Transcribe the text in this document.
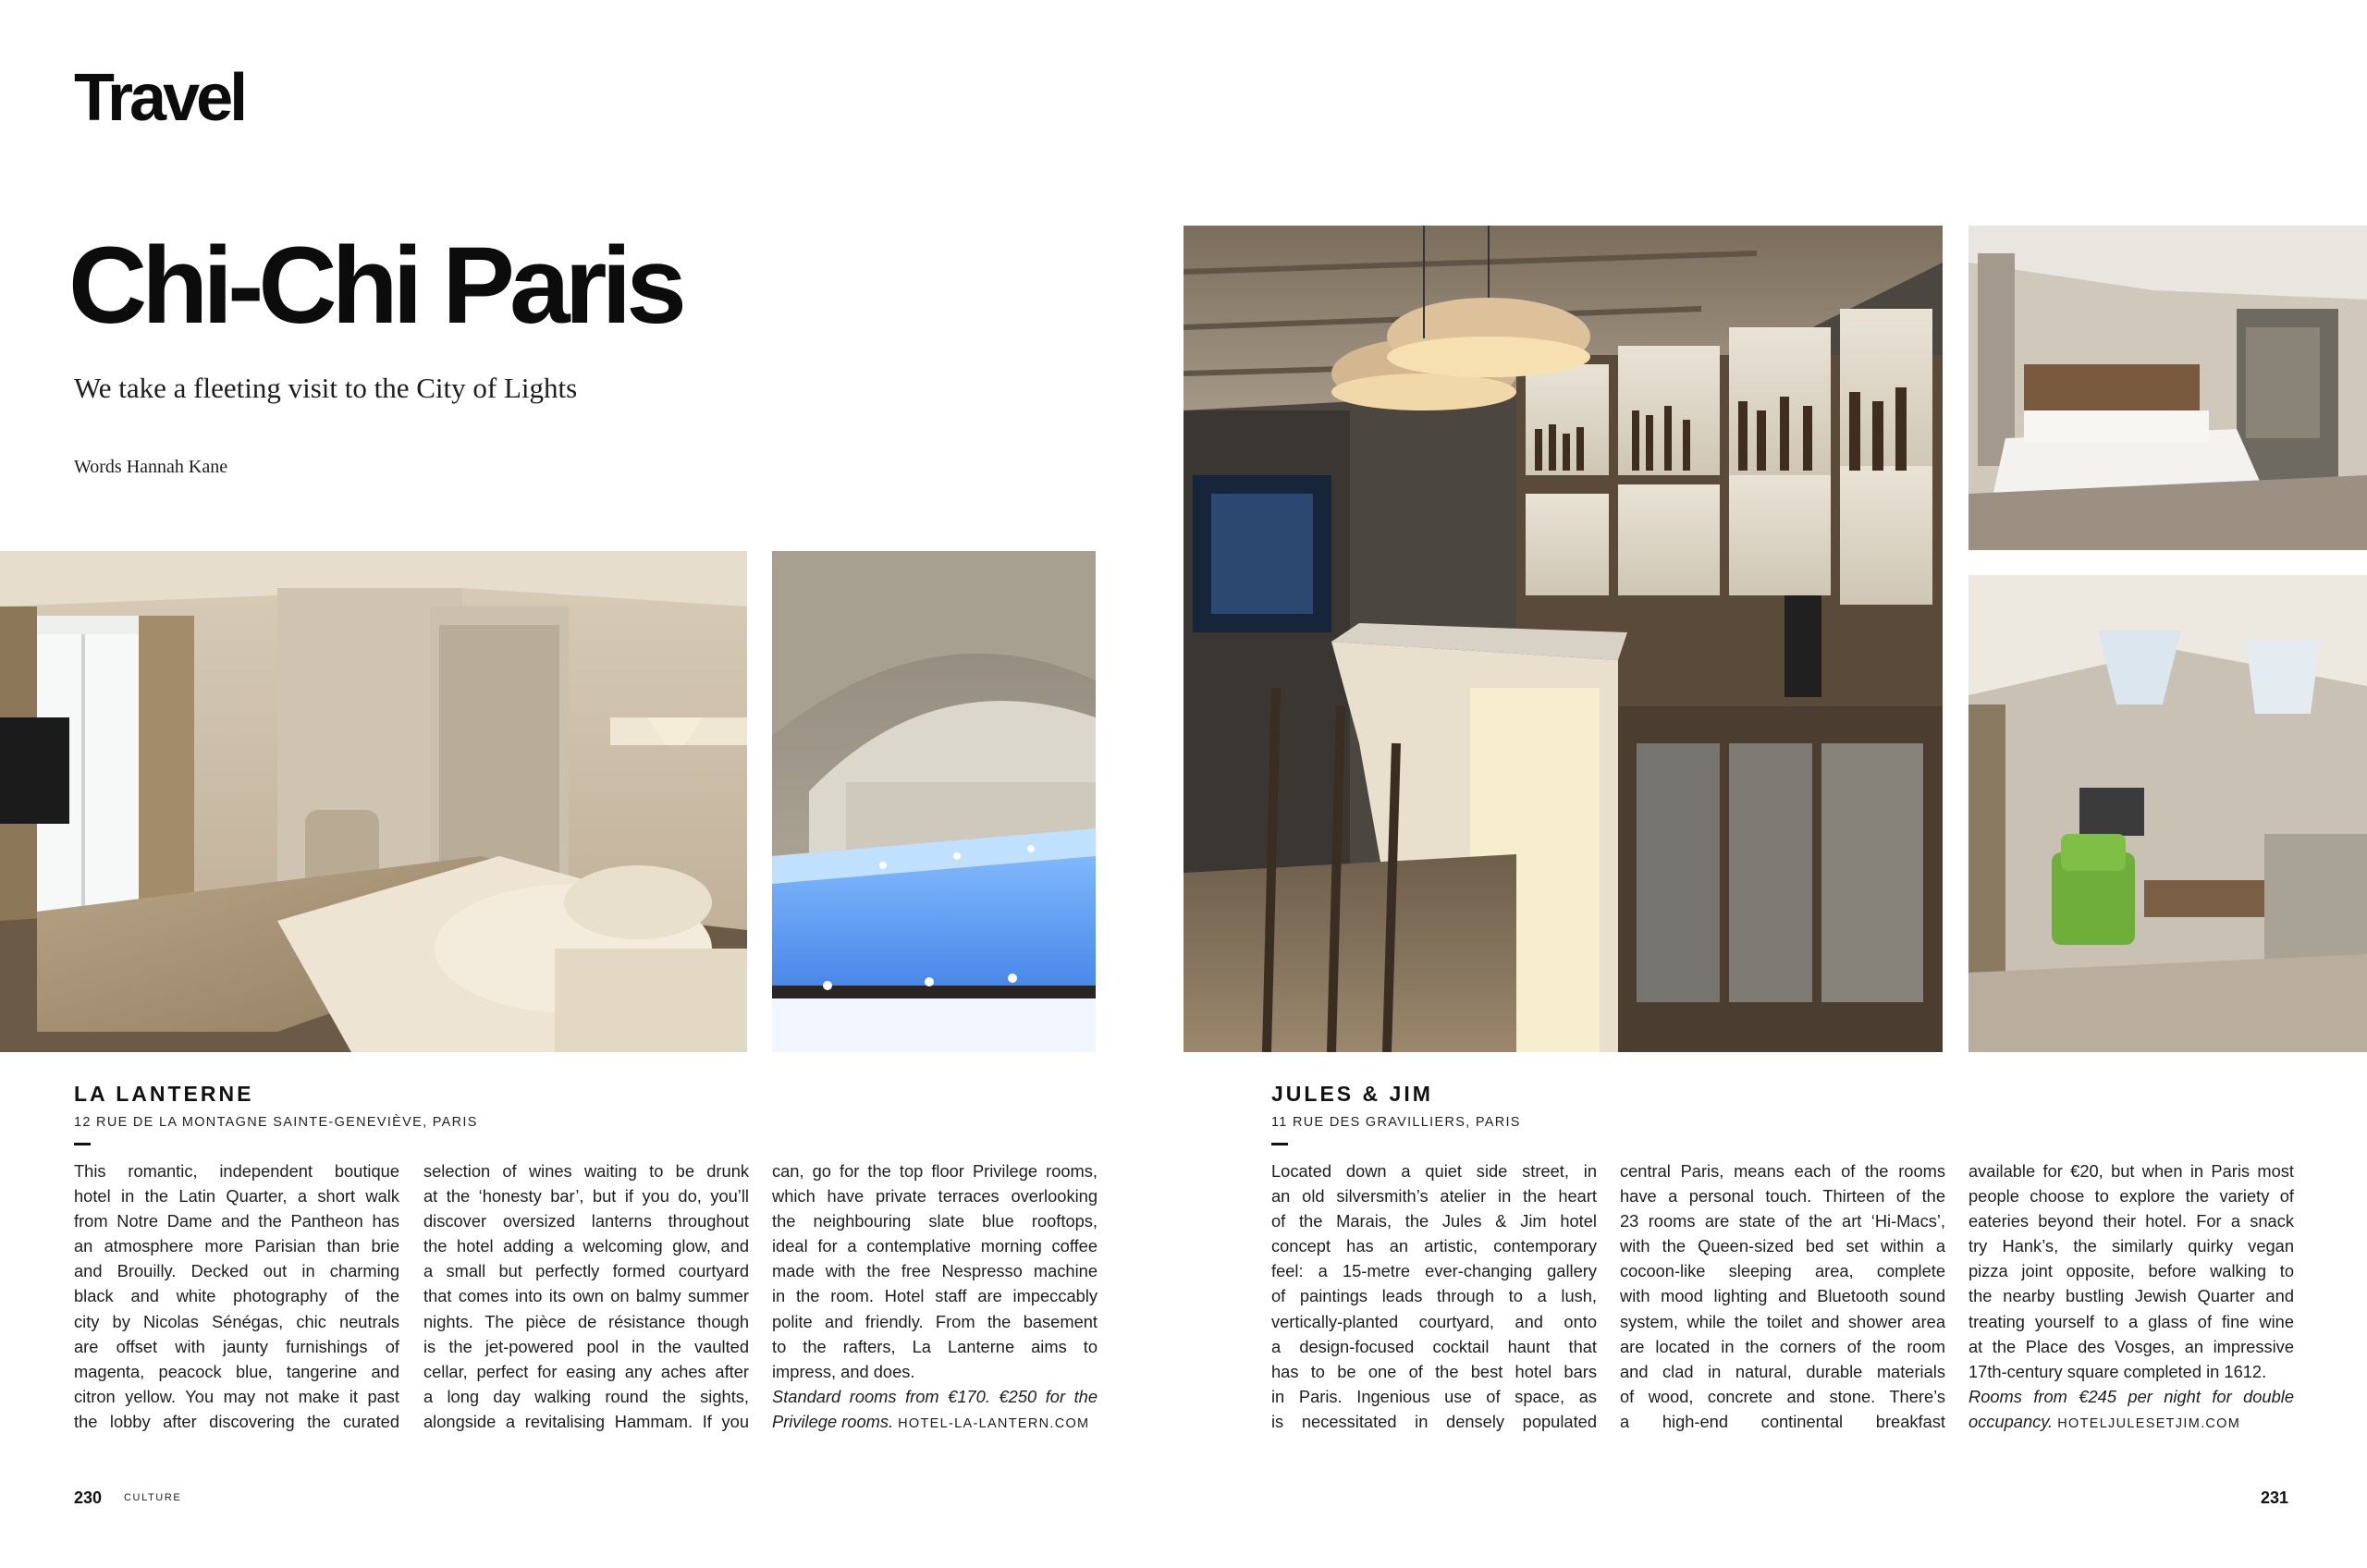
Travel
Chi-Chi Paris
We take a fleeting visit to the City of Lights
Words Hannah Kane
LA LANTERNE
12 RUE DE LA MONTAGNE SAINTE-GENEVIÈVE, PARIS
This romantic, independent boutique
hotel in the Latin Quarter, a short walk
from Notre Dame and the Pantheon has
an atmosphere more Parisian than brie
and Brouilly. Decked out in charming
black and white photography of the
city by Nicolas Sénégas, chic neutrals
are offset with jaunty furnishings of
magenta, peacock blue, tangerine and
citron yellow. You may not make it past
the lobby after discovering the curated
selection of wines waiting to be drunk
at the ‘honesty bar’, but if you do, you’ll
discover oversized lanterns throughout
the hotel adding a welcoming glow, and
a small but perfectly formed courtyard
that comes into its own on balmy summer
nights. The pièce de résistance though
is the jet-powered pool in the vaulted
cellar, perfect for easing any aches after
a long day walking round the sights,
alongside a revitalising Hammam. If you
can, go for the top floor Privilege rooms,
which have private terraces overlooking
the neighbouring slate blue rooftops,
ideal for a contemplative morning coffee
made with the free Nespresso machine
in the room. Hotel staff are impeccably
polite and friendly. From the basement
to the rafters, La Lanterne aims to
impress, and does.
Standard rooms from €170. €250 for the
Privilege rooms. HOTEL-LA-LANTERN.COM
JULES & JIM
11 RUE DES GRAVILLIERS, PARIS
Located down a quiet side street, in
an old silversmith’s atelier in the heart
of the Marais, the Jules & Jim hotel
concept has an artistic, contemporary
feel: a 15-metre ever-changing gallery
of paintings leads through to a lush,
vertically-planted courtyard, and onto
a design-focused cocktail haunt that
has to be one of the best hotel bars
in Paris. Ingenious use of space, as
is necessitated in densely populated
central Paris, means each of the rooms
have a personal touch. Thirteen of the
23 rooms are state of the art ‘Hi-Macs’,
with the Queen-sized bed set within a
cocoon-like sleeping area, complete
with mood lighting and Bluetooth sound
system, while the toilet and shower area
are located in the corners of the room
and clad in natural, durable materials
of wood, concrete and stone. There’s
a high-end continental breakfast
available for €20, but when in Paris most
people choose to explore the variety of
eateries beyond their hotel. For a snack
try Hank’s, the similarly quirky vegan
pizza joint opposite, before walking to
the nearby bustling Jewish Quarter and
treating yourself to a glass of fine wine
at the Place des Vosges, an impressive
17th-century square completed in 1612.
Rooms from €245 per night for double
occupancy. HOTELJULESETJIM.COM
230 CULTURE	231
